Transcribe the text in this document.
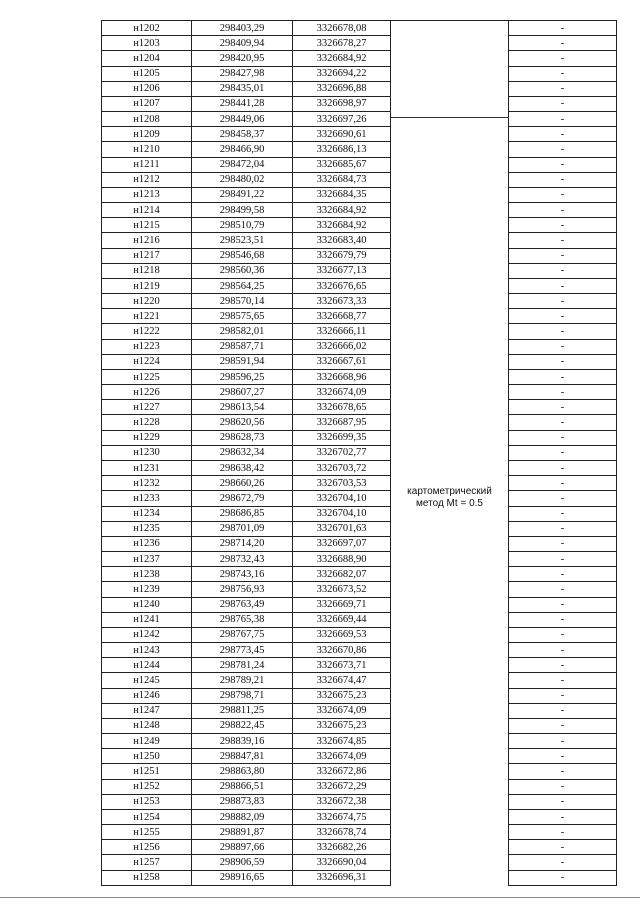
н1202	298403,29	3326678,08	картометрический метод Mt = 0.5	-
н1203	298409,94	3326678,27		-
н1204	298420,95	3326684,92		-
н1205	298427,98	3326694,22		-
н1206	298435,01	3326696,88		-
н1207	298441,28	3326698,97		-
н1208	298449,06	3326697,26		-
н1209	298458,37	3326690,61		-
н1210	298466,90	3326686,13		-
н1211	298472,04	3326685,67		-
н1212	298480,02	3326684,73		-
н1213	298491,22	3326684,35		-
н1214	298499,58	3326684,92		-
н1215	298510,79	3326684,92		-
н1216	298523,51	3326683,40		-
н1217	298546,68	3326679,79		-
н1218	298560,36	3326677,13		-
н1219	298564,25	3326676,65		-
н1220	298570,14	3326673,33		-
н1221	298575,65	3326668,77		-
н1222	298582,01	3326666,11		-
н1223	298587,71	3326666,02		-
н1224	298591,94	3326667,61		-
н1225	298596,25	3326668,96		-
н1226	298607,27	3326674,09		-
н1227	298613,54	3326678,65		-
н1228	298620,56	3326687,95		-
н1229	298628,73	3326699,35		-
н1230	298632,34	3326702,77		-
н1231	298638,42	3326703,72		-
н1232	298660,26	3326703,53		-
н1233	298672,79	3326704,10		-
н1234	298686,85	3326704,10		-
н1235	298701,09	3326701,63		-
н1236	298714,20	3326697,07		-
н1237	298732,43	3326688,90		-
н1238	298743,16	3326682,07		-
н1239	298756,93	3326673,52		-
н1240	298763,49	3326669,71		-
н1241	298765,38	3326669,44		-
н1242	298767,75	3326669,53		-
н1243	298773,45	3326670,86		-
н1244	298781,24	3326673,71		-
н1245	298789,21	3326674,47		-
н1246	298798,71	3326675,23		-
н1247	298811,25	3326674,09		-
н1248	298822,45	3326675,23		-
н1249	298839,16	3326674,85		-
н1250	298847,81	3326674,09		-
н1251	298863,80	3326672,86		-
н1252	298866,51	3326672,29		-
н1253	298873,83	3326672,38		-
н1254	298882,09	3326674,75		-
н1255	298891,87	3326678,74		-
н1256	298897,66	3326682,26		-
н1257	298906,59	3326690,04		-
н1258	298916,65	3326696,31		-
